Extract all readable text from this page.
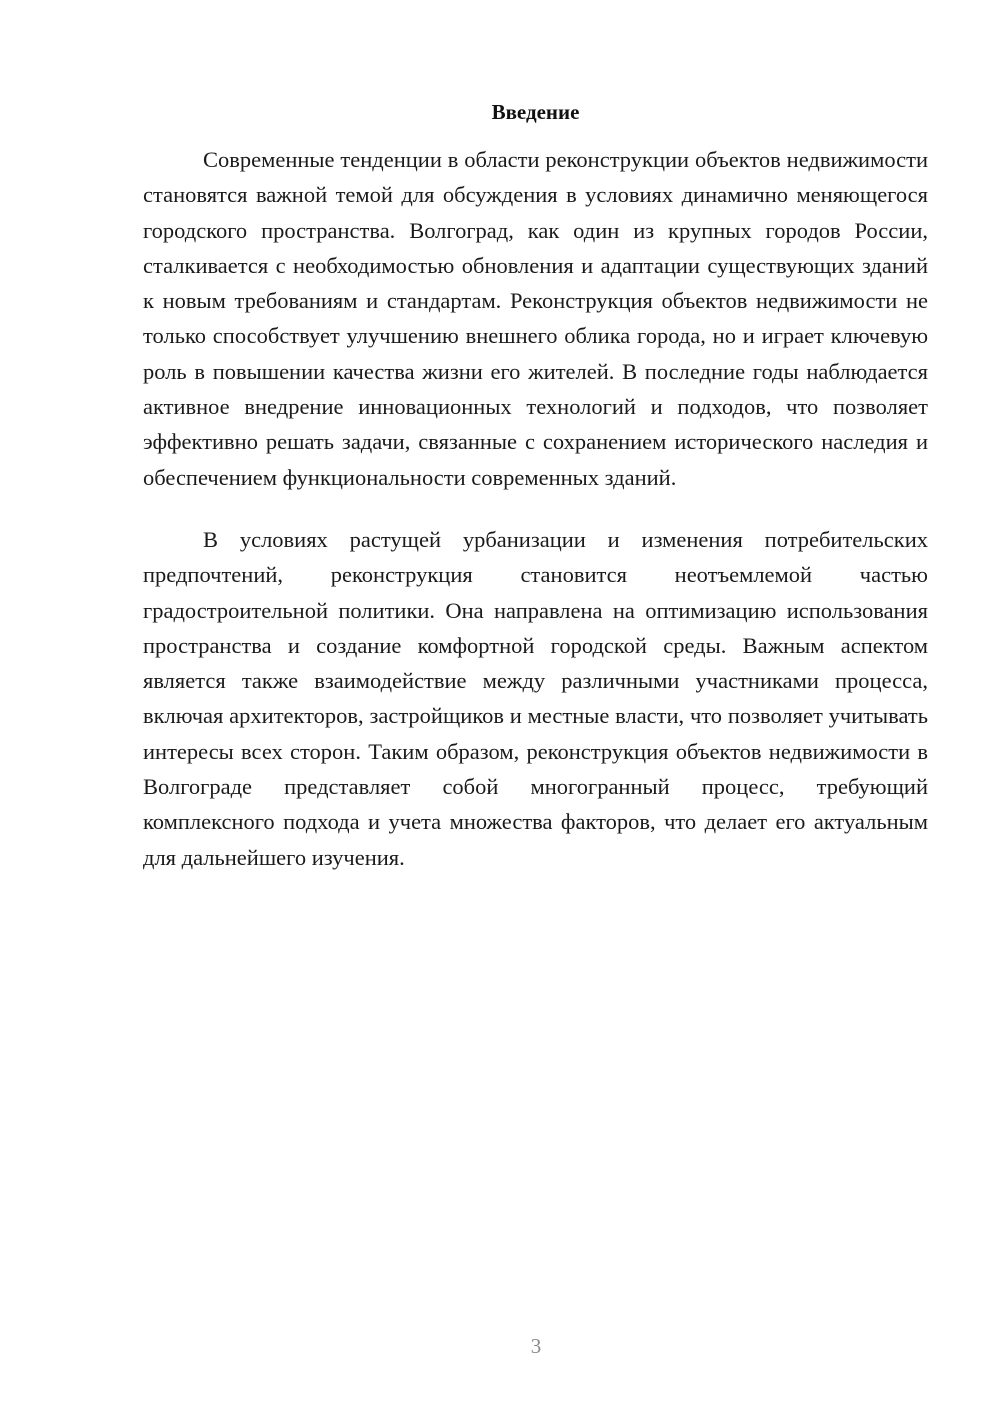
Введение

Современные тенденции в области реконструкции объектов недвижимости становятся важной темой для обсуждения в условиях динамично меняющегося городского пространства. Волгоград, как один из крупных городов России, сталкивается с необходимостью обновления и адаптации существующих зданий к новым требованиям и стандартам. Реконструкция объектов недвижимости не только способствует улучшению внешнего облика города, но и играет ключевую роль в повышении качества жизни его жителей. В последние годы наблюдается активное внедрение инновационных технологий и подходов, что позволяет эффективно решать задачи, связанные с сохранением исторического наследия и обеспечением функциональности современных зданий.

В условиях растущей урбанизации и изменения потребительских предпочтений, реконструкция становится неотъемлемой частью градостроительной политики. Она направлена на оптимизацию использования пространства и создание комфортной городской среды. Важным аспектом является также взаимодействие между различными участниками процесса, включая архитекторов, застройщиков и местные власти, что позволяет учитывать интересы всех сторон. Таким образом, реконструкция объектов недвижимости в Волгограде представляет собой многогранный процесс, требующий комплексного подхода и учета множества факторов, что делает его актуальным для дальнейшего изучения.

3
